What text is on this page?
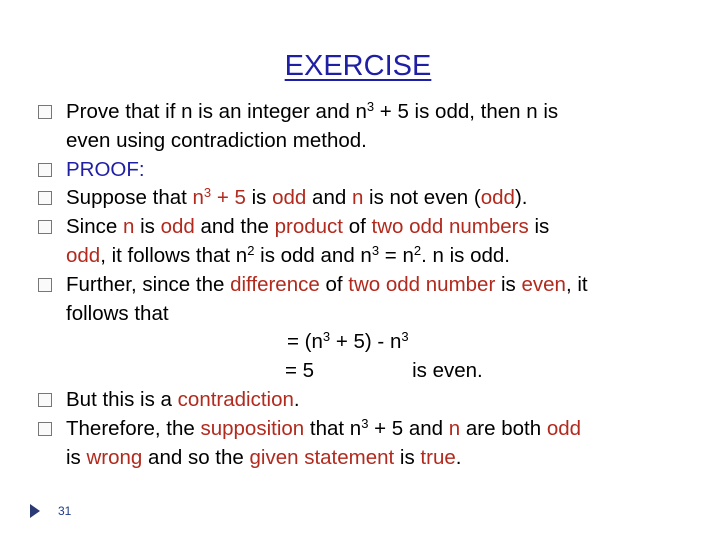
EXERCISE

Prove that if n is an integer and $n^3 + 5$ is odd, then n is
even using contradiction method.

PROOF:

Suppose that $n^3 + 5$ is odd and n is not even (odd).

Since n is odd and the product of two odd numbers is
odd, it follows that $n^2$ is odd and $n^3 = n^2$. n is odd.

Further, since the difference of two odd number is even, it
follows that

= $(n^3 + 5) - n^3$

= 5	is even.

But this is a contradiction.

Therefore, the supposition that $n^3 + 5$ and n are both odd
is wrong and so the given statement is true.

31
